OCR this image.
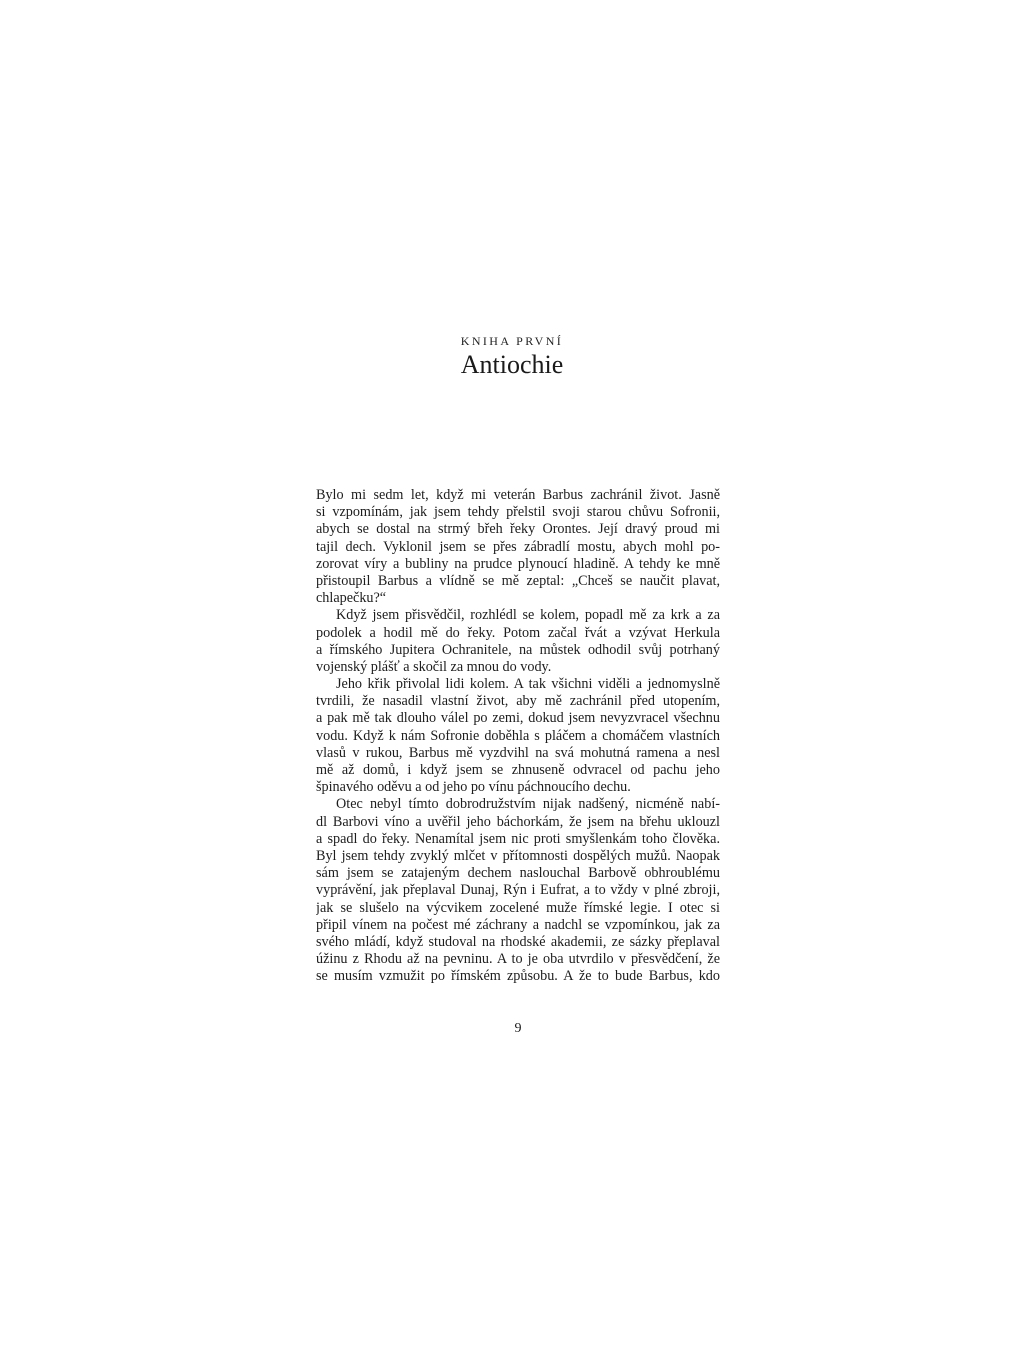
KNIHA PRVNÍ
Antiochie
Bylo mi sedm let, když mi veterán Barbus zachránil život. Jasně
si vzpomínám, jak jsem tehdy přelstil svoji starou chůvu Sofronii,
abych se dostal na strmý břeh řeky Orontes. Její dravý proud mi
tajil dech. Vyklonil jsem se přes zábradlí mostu, abych mohl po-
zorovat víry a bubliny na prudce plynoucí hladině. A tehdy ke mně
přistoupil Barbus a vlídně se mě zeptal: „Chceš se naučit plavat,
chlapečku?“
Když jsem přisvědčil, rozhlédl se kolem, popadl mě za krk a za
podolek a hodil mě do řeky. Potom začal řvát a vzývat Herkula
a římského Jupitera Ochranitele, na můstek odhodil svůj potrhaný
vojenský plášť a skočil za mnou do vody.
Jeho křik přivolal lidi kolem. A tak všichni viděli a jednomyslně
tvrdili, že nasadil vlastní život, aby mě zachránil před utopením,
a pak mě tak dlouho válel po zemi, dokud jsem nevyzvracel všechnu
vodu. Když k nám Sofronie doběhla s pláčem a chomáčem vlastních
vlasů v rukou, Barbus mě vyzdvihl na svá mohutná ramena a nesl
mě až domů, i když jsem se zhnuseně odvracel od pachu jeho
špinavého oděvu a od jeho po vínu páchnoucího dechu.
Otec nebyl tímto dobrodružstvím nijak nadšený, nicméně nabí-
dl Barbovi víno a uvěřil jeho báchorkám, že jsem na břehu uklouzl
a spadl do řeky. Nenamítal jsem nic proti smyšlenkám toho člověka.
Byl jsem tehdy zvyklý mlčet v přítomnosti dospělých mužů. Naopak
sám jsem se zatajeným dechem naslouchal Barbově obhroublému
vyprávění, jak přeplaval Dunaj, Rýn i Eufrat, a to vždy v plné zbroji,
jak se slušelo na výcvikem zocelené muže římské legie. I otec si
připil vínem na počest mé záchrany a nadchl se vzpomínkou, jak za
svého mládí, když studoval na rhodské akademii, ze sázky přeplaval
úžinu z Rhodu až na pevninu. A to je oba utvrdilo v přesvědčení, že
se musím vzmužit po římském způsobu. A že to bude Barbus, kdo
9
